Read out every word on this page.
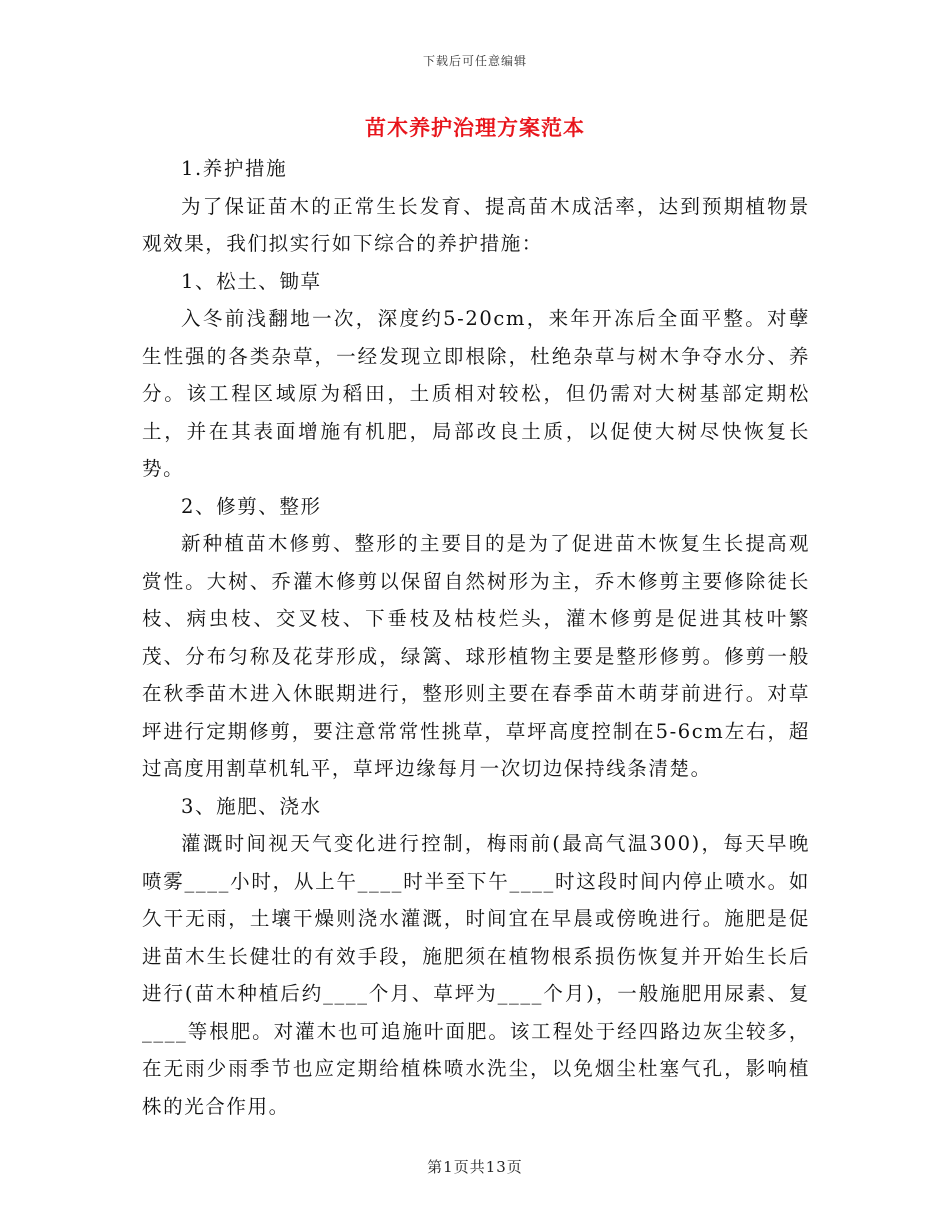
下载后可任意编辑
苗木养护治理方案范本

1.养护措施

为了保证苗木的正常生长发育、提高苗木成活率，达到预期植物景观效果，我们拟实行如下综合的养护措施：

1、松土、锄草

入冬前浅翻地一次，深度约5-20cm，来年开冻后全面平整。对孽生性强的各类杂草，一经发现立即根除，杜绝杂草与树木争夺水分、养分。该工程区域原为稻田，土质相对较松，但仍需对大树基部定期松土，并在其表面增施有机肥，局部改良土质，以促使大树尽快恢复长势。

2、修剪、整形

新种植苗木修剪、整形的主要目的是为了促进苗木恢复生长提高观赏性。大树、乔灌木修剪以保留自然树形为主，乔木修剪主要修除徒长枝、病虫枝、交叉枝、下垂枝及枯枝烂头，灌木修剪是促进其枝叶繁茂、分布匀称及花芽形成，绿篱、球形植物主要是整形修剪。修剪一般在秋季苗木进入休眠期进行，整形则主要在春季苗木萌芽前进行。对草坪进行定期修剪，要注意常常性挑草，草坪高度控制在5-6cm左右，超过高度用割草机轧平，草坪边缘每月一次切边保持线条清楚。

3、施肥、浇水

灌溉时间视天气变化进行控制，梅雨前(最高气温300)，每天早晚喷雾____小时，从上午____时半至下午____时这段时间内停止喷水。如久干无雨，土壤干燥则浇水灌溉，时间宜在早晨或傍晚进行。施肥是促进苗木生长健壮的有效手段，施肥须在植物根系损伤恢复并开始生长后进行(苗木种植后约____个月、草坪为____个月)，一般施肥用尿素、复____等根肥。对灌木也可追施叶面肥。该工程处于经四路边灰尘较多，在无雨少雨季节也应定期给植株喷水洗尘，以免烟尘杜塞气孔，影响植株的光合作用。

第1页共13页
